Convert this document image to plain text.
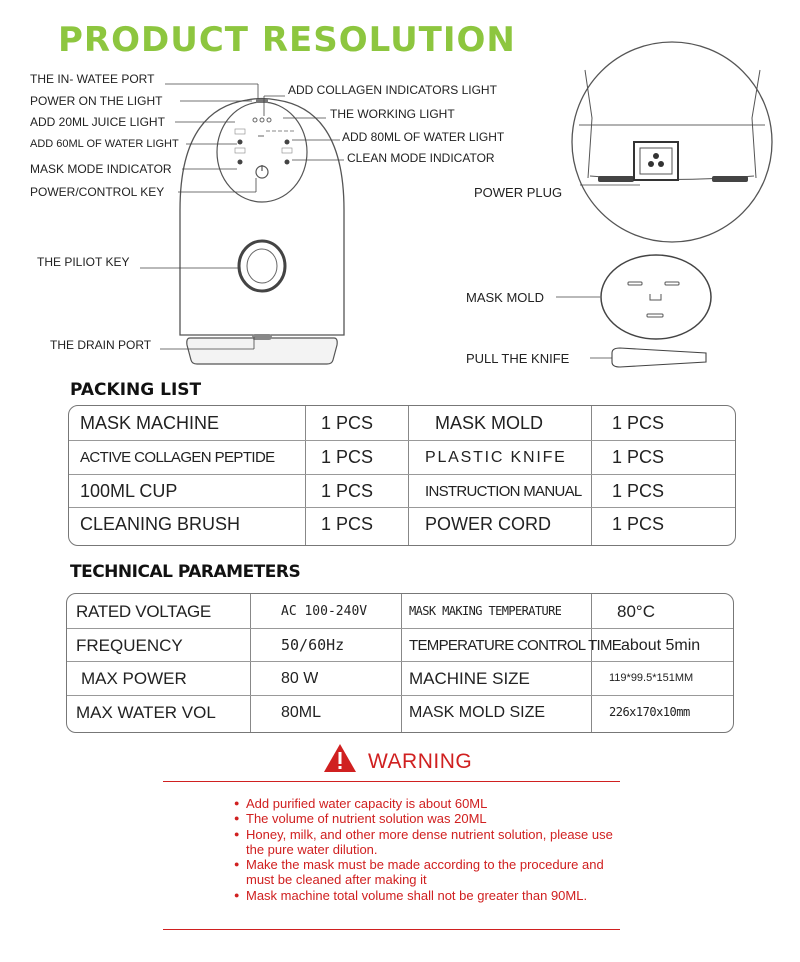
PRODUCT RESOLUTION
THE IN- WATEE PORT
POWER ON THE LIGHT
ADD 20ML JUICE LIGHT
ADD 60ML OF WATER LIGHT
MASK MODE INDICATOR
POWER/CONTROL KEY
THE PILIOT KEY
THE DRAIN PORT
ADD COLLAGEN INDICATORS LIGHT
THE WORKING LIGHT
ADD 80ML OF WATER LIGHT
CLEAN MODE INDICATOR
POWER PLUG
MASK MOLD
PULL THE KNIFE
PACKING LIST
MASK MACHINE	1 PCS	MASK MOLD	1 PCS
ACTIVE COLLAGEN PEPTIDE	1 PCS	PLASTIC KNIFE	1 PCS
100ML CUP	1 PCS	INSTRUCTION MANUAL 1 PCS
CLEANING BRUSH	1 PCS	POWER CORD	1 PCS
TECHNICAL PARAMETERS
RATED VOLTAGE	AC 100-240V	MASK MAKING TEMPERATURE	80°C
FREQUENCY	50/60Hz	TEMPERATURE CONTROL TIME about 5min
MAX POWER	80 W	MACHINE SIZE	119*99.5*151MM
MAX WATER VOL	80ML	MASK MOLD SIZE	226x170x10mm
WARNING
● Add purified water capacity is about 60ML
● The volume of nutrient solution was 20ML
● Honey, milk, and other more dense nutrient solution, please use the pure water dilution.
● Make the mask must be made according to the procedure and must be cleaned after making it
● Mask machine total volume shall not be greater than 90ML.
